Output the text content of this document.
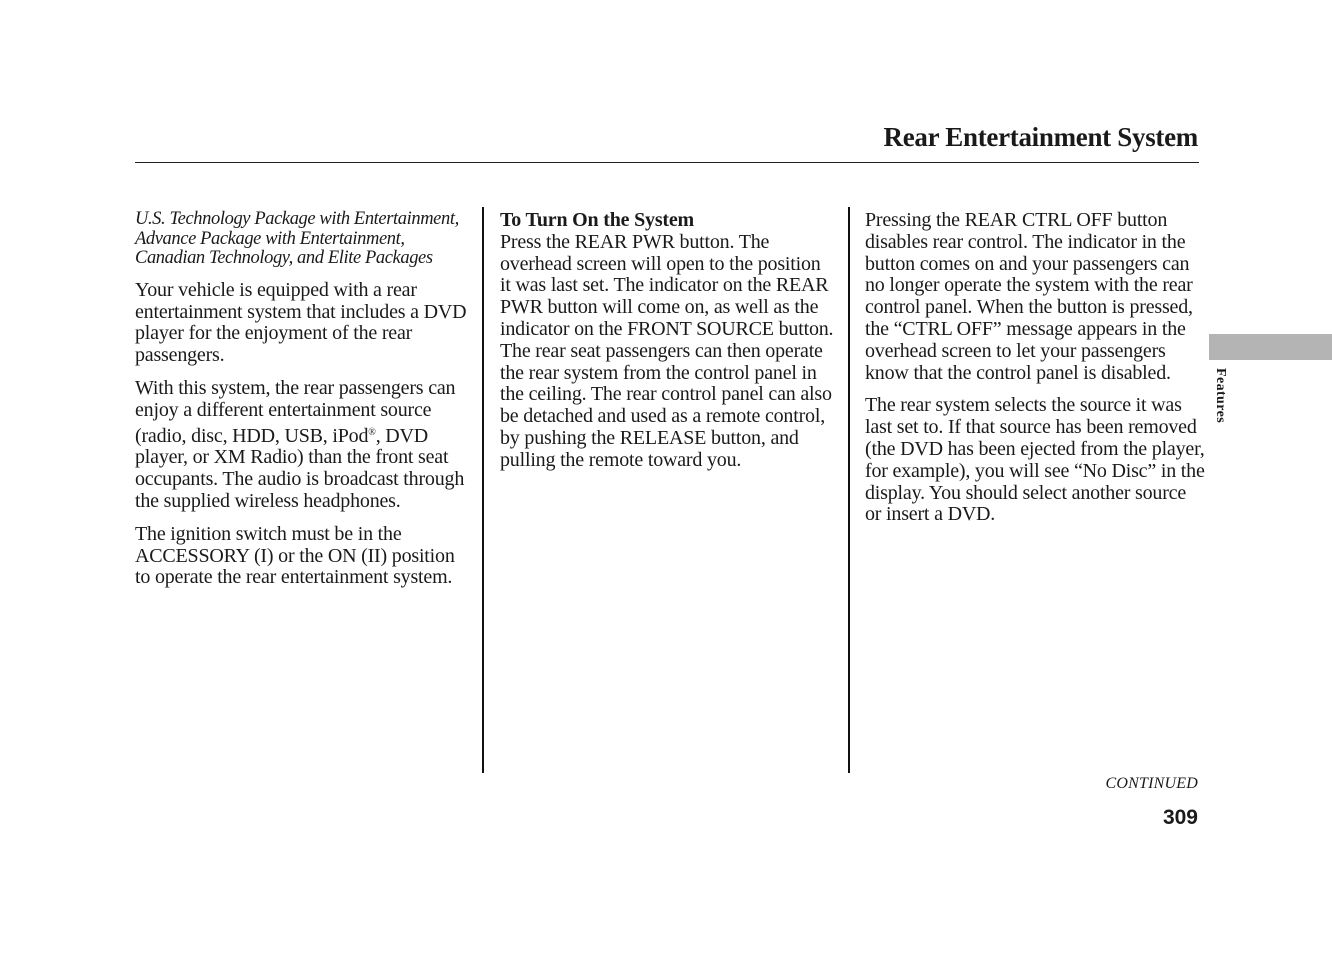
Rear Entertainment System

U.S. Technology Package with Entertainment, Advance Package with Entertainment, Canadian Technology, and Elite Packages

Your vehicle is equipped with a rear entertainment system that includes a DVD player for the enjoyment of the rear passengers.

With this system, the rear passengers can enjoy a different entertainment source (radio, disc, HDD, USB, iPod®, DVD player, or XM Radio) than the front seat occupants. The audio is broadcast through the supplied wireless headphones.

The ignition switch must be in the ACCESSORY (I) or the ON (II) position to operate the rear entertainment system.

To Turn On the System

Press the REAR PWR button. The overhead screen will open to the position it was last set. The indicator on the REAR PWR button will come on, as well as the indicator on the FRONT SOURCE button. The rear seat passengers can then operate the rear system from the control panel in the ceiling. The rear control panel can also be detached and used as a remote control, by pushing the RELEASE button, and pulling the remote toward you.

Pressing the REAR CTRL OFF button disables rear control. The indicator in the button comes on and your passengers can no longer operate the system with the rear control panel. When the button is pressed, the “CTRL OFF” message appears in the overhead screen to let your passengers know that the control panel is disabled.

The rear system selects the source it was last set to. If that source has been removed (the DVD has been ejected from the player, for example), you will see “No Disc” in the display. You should select another source or insert a DVD.

Features
CONTINUED
309
